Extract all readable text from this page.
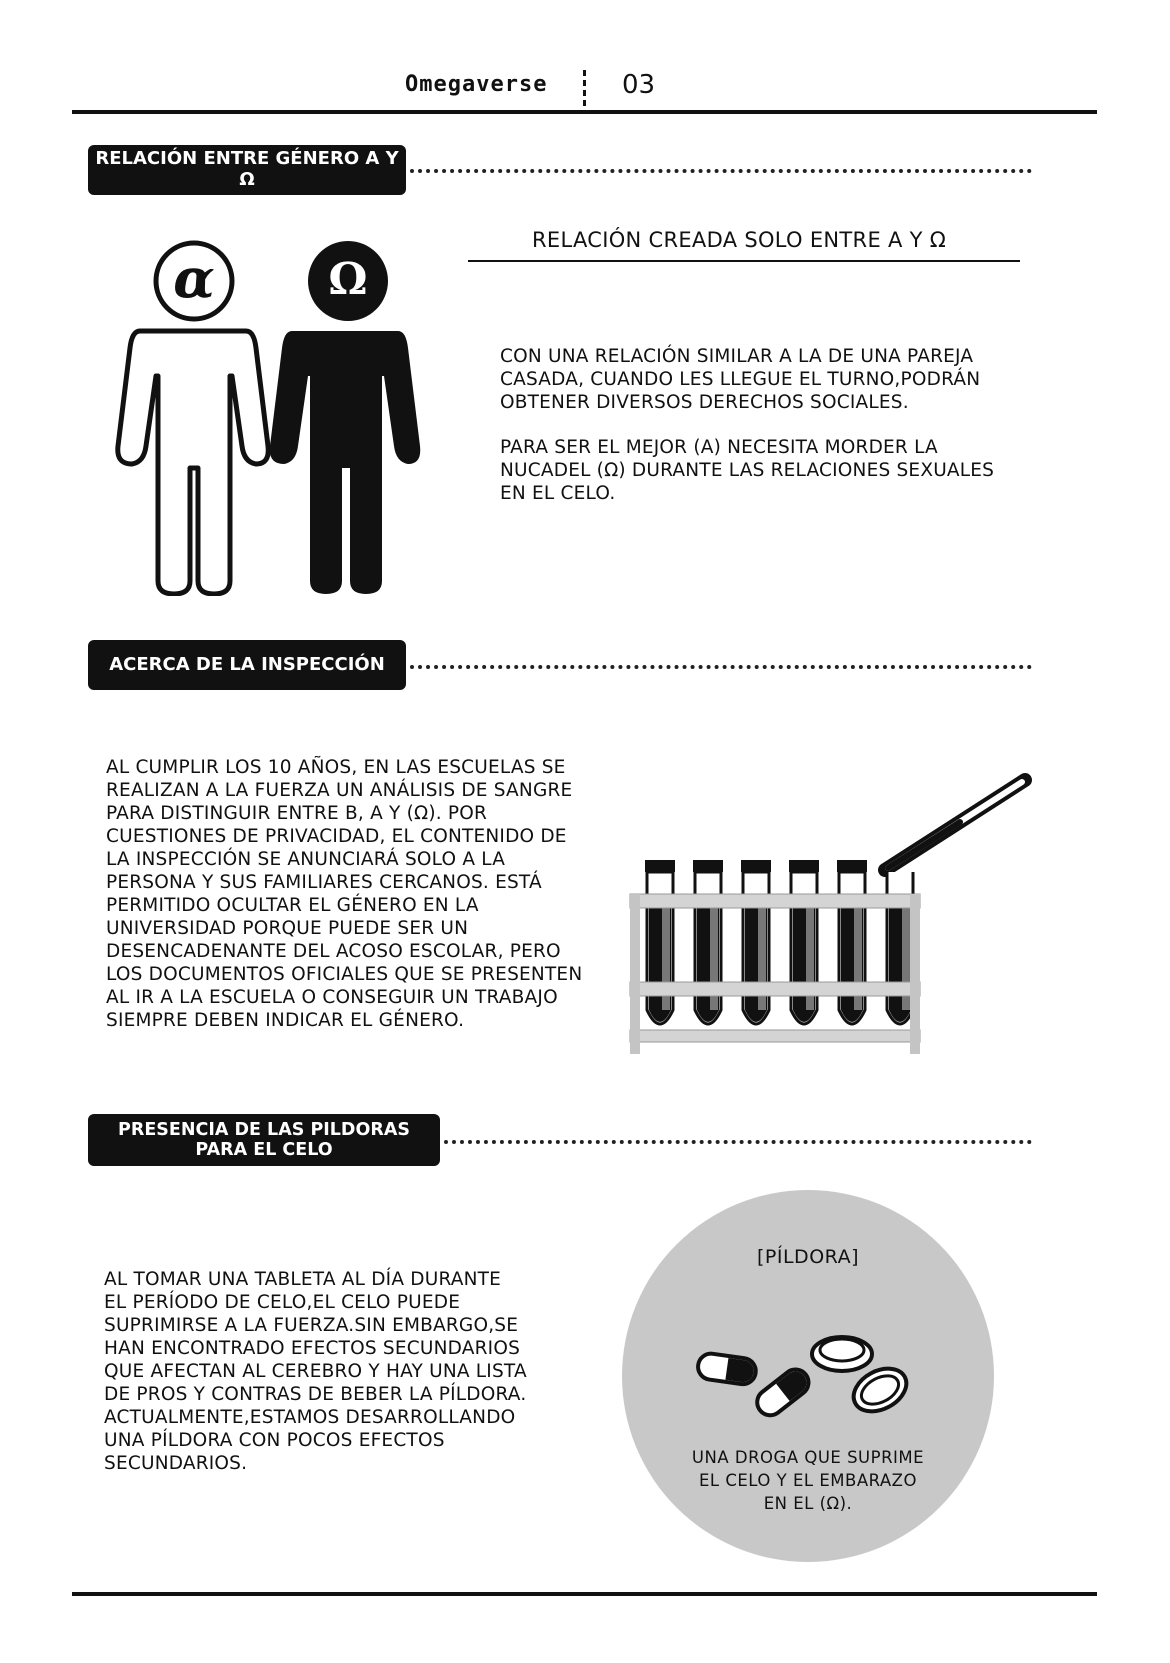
Omegaverse	03
RELACIÓN ENTRE GÉNERO A Y Ω
RELACIÓN CREADA SOLO ENTRE A Y Ω
CON UNA RELACIÓN SIMILAR A LA DE UNA PAREJA
CASADA, CUANDO LES LLEGUE EL TURNO,PODRÁN
OBTENER DIVERSOS DERECHOS SOCIALES.
PARA SER EL MEJOR (A) NECESITA MORDER LA
NUCADEL (Ω) DURANTE LAS RELACIONES SEXUALES
EN EL CELO.
α	Ω
ACERCA DE LA INSPECCIÓN
AL CUMPLIR LOS 10 AÑOS, EN LAS ESCUELAS SE
REALIZAN A LA FUERZA UN ANÁLISIS DE SANGRE
PARA DISTINGUIR ENTRE B, A Y (Ω). POR
CUESTIONES DE PRIVACIDAD, EL CONTENIDO DE
LA INSPECCIÓN SE ANUNCIARÁ SOLO A LA
PERSONA Y SUS FAMILIARES CERCANOS. ESTÁ
PERMITIDO OCULTAR EL GÉNERO EN LA
UNIVERSIDAD PORQUE PUEDE SER UN
DESENCADENANTE DEL ACOSO ESCOLAR, PERO
LOS DOCUMENTOS OFICIALES QUE SE PRESENTEN
AL IR A LA ESCUELA O CONSEGUIR UN TRABAJO
SIEMPRE DEBEN INDICAR EL GÉNERO.
PRESENCIA DE LAS PILDORAS
PARA EL CELO
AL TOMAR UNA TABLETA AL DÍA DURANTE
EL PERÍODO DE CELO,EL CELO PUEDE
SUPRIMIRSE A LA FUERZA.SIN EMBARGO,SE
HAN ENCONTRADO EFECTOS SECUNDARIOS
QUE AFECTAN AL CEREBRO Y HAY UNA LISTA
DE PROS Y CONTRAS DE BEBER LA PÍLDORA.
ACTUALMENTE,ESTAMOS DESARROLLANDO
UNA PÍLDORA CON POCOS EFECTOS
SECUNDARIOS.
[PÍLDORA]
UNA DROGA QUE SUPRIME
EL CELO Y EL EMBARAZO
EN EL (Ω).
